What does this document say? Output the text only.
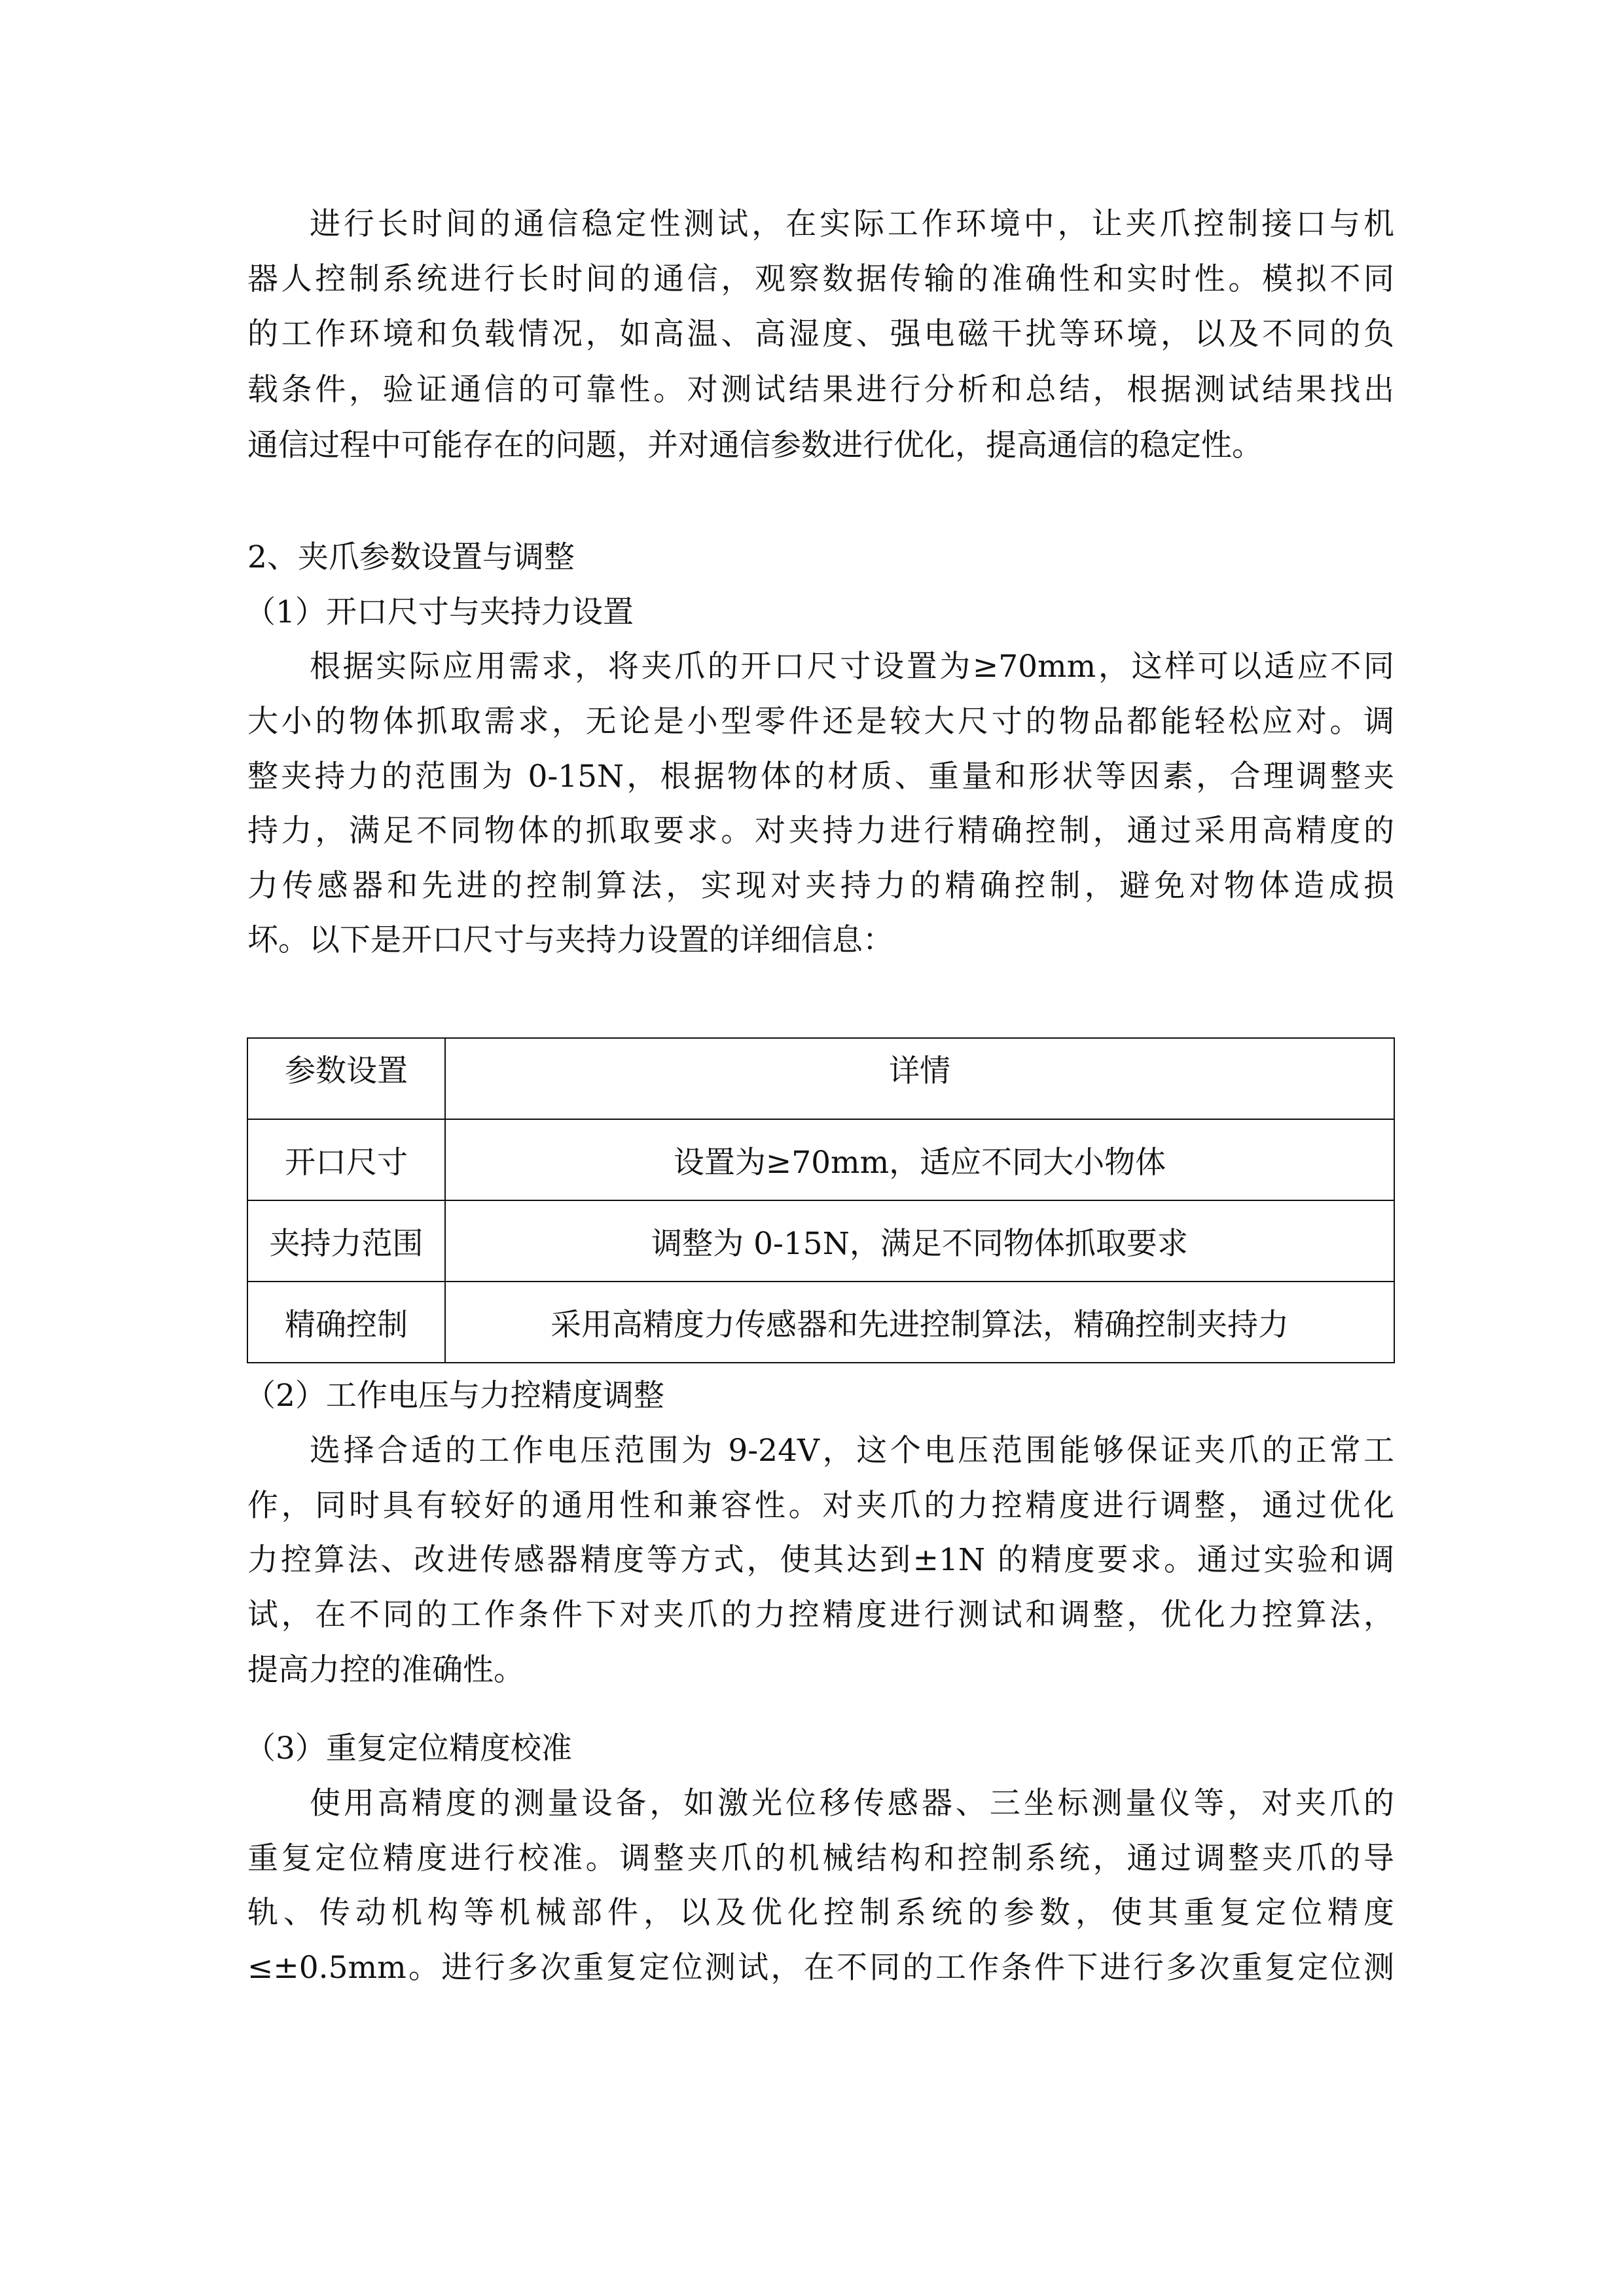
进行长时间的通信稳定性测试，在实际工作环境中，让夹爪控制接口与机
器人控制系统进行长时间的通信，观察数据传输的准确性和实时性。模拟不同
的工作环境和负载情况，如高温、高湿度、强电磁干扰等环境，以及不同的负
载条件，验证通信的可靠性。对测试结果进行分析和总结，根据测试结果找出
通信过程中可能存在的问题，并对通信参数进行优化，提高通信的稳定性。
2、夹爪参数设置与调整
（1）开口尺寸与夹持力设置
根据实际应用需求，将夹爪的开口尺寸设置为≥70mm，这样可以适应不同
大小的物体抓取需求，无论是小型零件还是较大尺寸的物品都能轻松应对。调
整夹持力的范围为 0-15N，根据物体的材质、重量和形状等因素，合理调整夹
持力，满足不同物体的抓取要求。对夹持力进行精确控制，通过采用高精度的
力传感器和先进的控制算法，实现对夹持力的精确控制，避免对物体造成损
坏。以下是开口尺寸与夹持力设置的详细信息：
参数设置	详情
开口尺寸	设置为≥70mm，适应不同大小物体
夹持力范围	调整为 0-15N，满足不同物体抓取要求
精确控制	采用高精度力传感器和先进控制算法，精确控制夹持力
（2）工作电压与力控精度调整
选择合适的工作电压范围为 9-24V，这个电压范围能够保证夹爪的正常工
作，同时具有较好的通用性和兼容性。对夹爪的力控精度进行调整，通过优化
力控算法、改进传感器精度等方式，使其达到±1N 的精度要求。通过实验和调
试，在不同的工作条件下对夹爪的力控精度进行测试和调整，优化力控算法，
提高力控的准确性。
（3）重复定位精度校准
使用高精度的测量设备，如激光位移传感器、三坐标测量仪等，对夹爪的
重复定位精度进行校准。调整夹爪的机械结构和控制系统，通过调整夹爪的导
轨、传动机构等机械部件，以及优化控制系统的参数，使其重复定位精度
≤±0.5mm。进行多次重复定位测试，在不同的工作条件下进行多次重复定位测
